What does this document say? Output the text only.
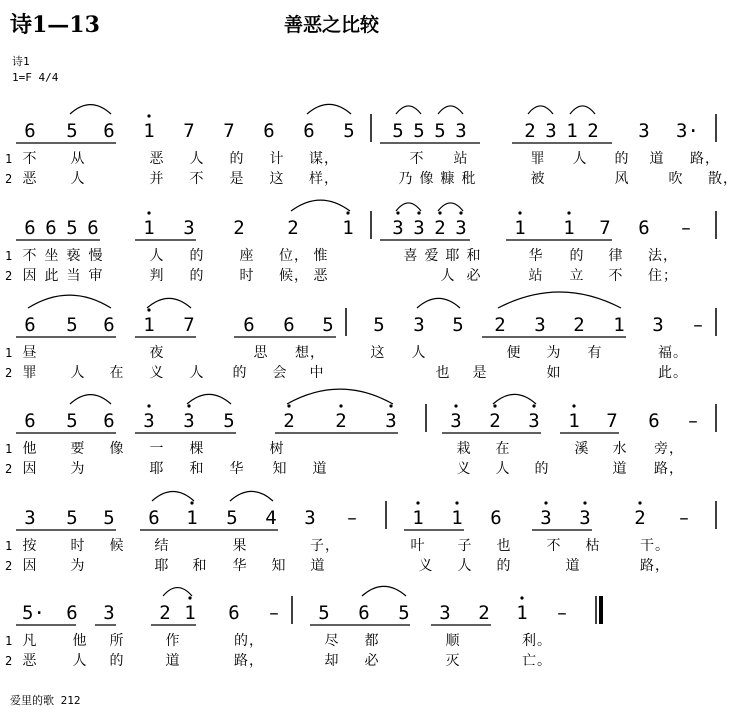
诗1—13	善恶之比较
诗1
1=F 4/4
6 5 6 1 7 7 6 6 5 5 5 5 3	2 3 1 2 3 3·
1 不 从	恶 人 的 计 谋，	不 站	罪 人 的 道 路，
2 恶 人	并 不 是 这 样，	乃 像 糠 秕	被	风	吹 散，
6 6 5 6 1 3 2 2 1 3 3 2 3	1 1 7 6 –
1 不 坐 亵 慢	人 的	座 位， 惟	喜 爱 耶 和	华 的 律 法，
2 因 此 当 审	判 的	时 候， 恶	人 必	站 立 不 住；
6 5 6 1 7	6 6 5 5 3 5 2 3 2 1 3 –
1 昼	夜	思 想，	这 人	便 为 有	福。
2 罪 人 在 义 人 的 会 中	也 是	如	此。
6 5 6 3 3 5	2 2 3	3 2 3 1 7 6 –
1 他 要 像 一 棵	树	栽 在	溪 水 旁，
2 因 为	耶 和 华 知 道	义 人 的	道 路，
3 5 5 6 1 5 4 3 –	1 1 6 3 3 2 –
1 按 时 候 结	果	子，	叶 子 也	不 枯	干。
2 因 为	耶 和 华 知 道	义 人 的	道	路，
5· 6 3 2 1 6 – 5 6 5 3 2 1 –
1 凡	他 所	作	的，	尽 都	顺	利。
2 恶	人 的	道	路，	却 必	灭	亡。
爱里的歌 212
